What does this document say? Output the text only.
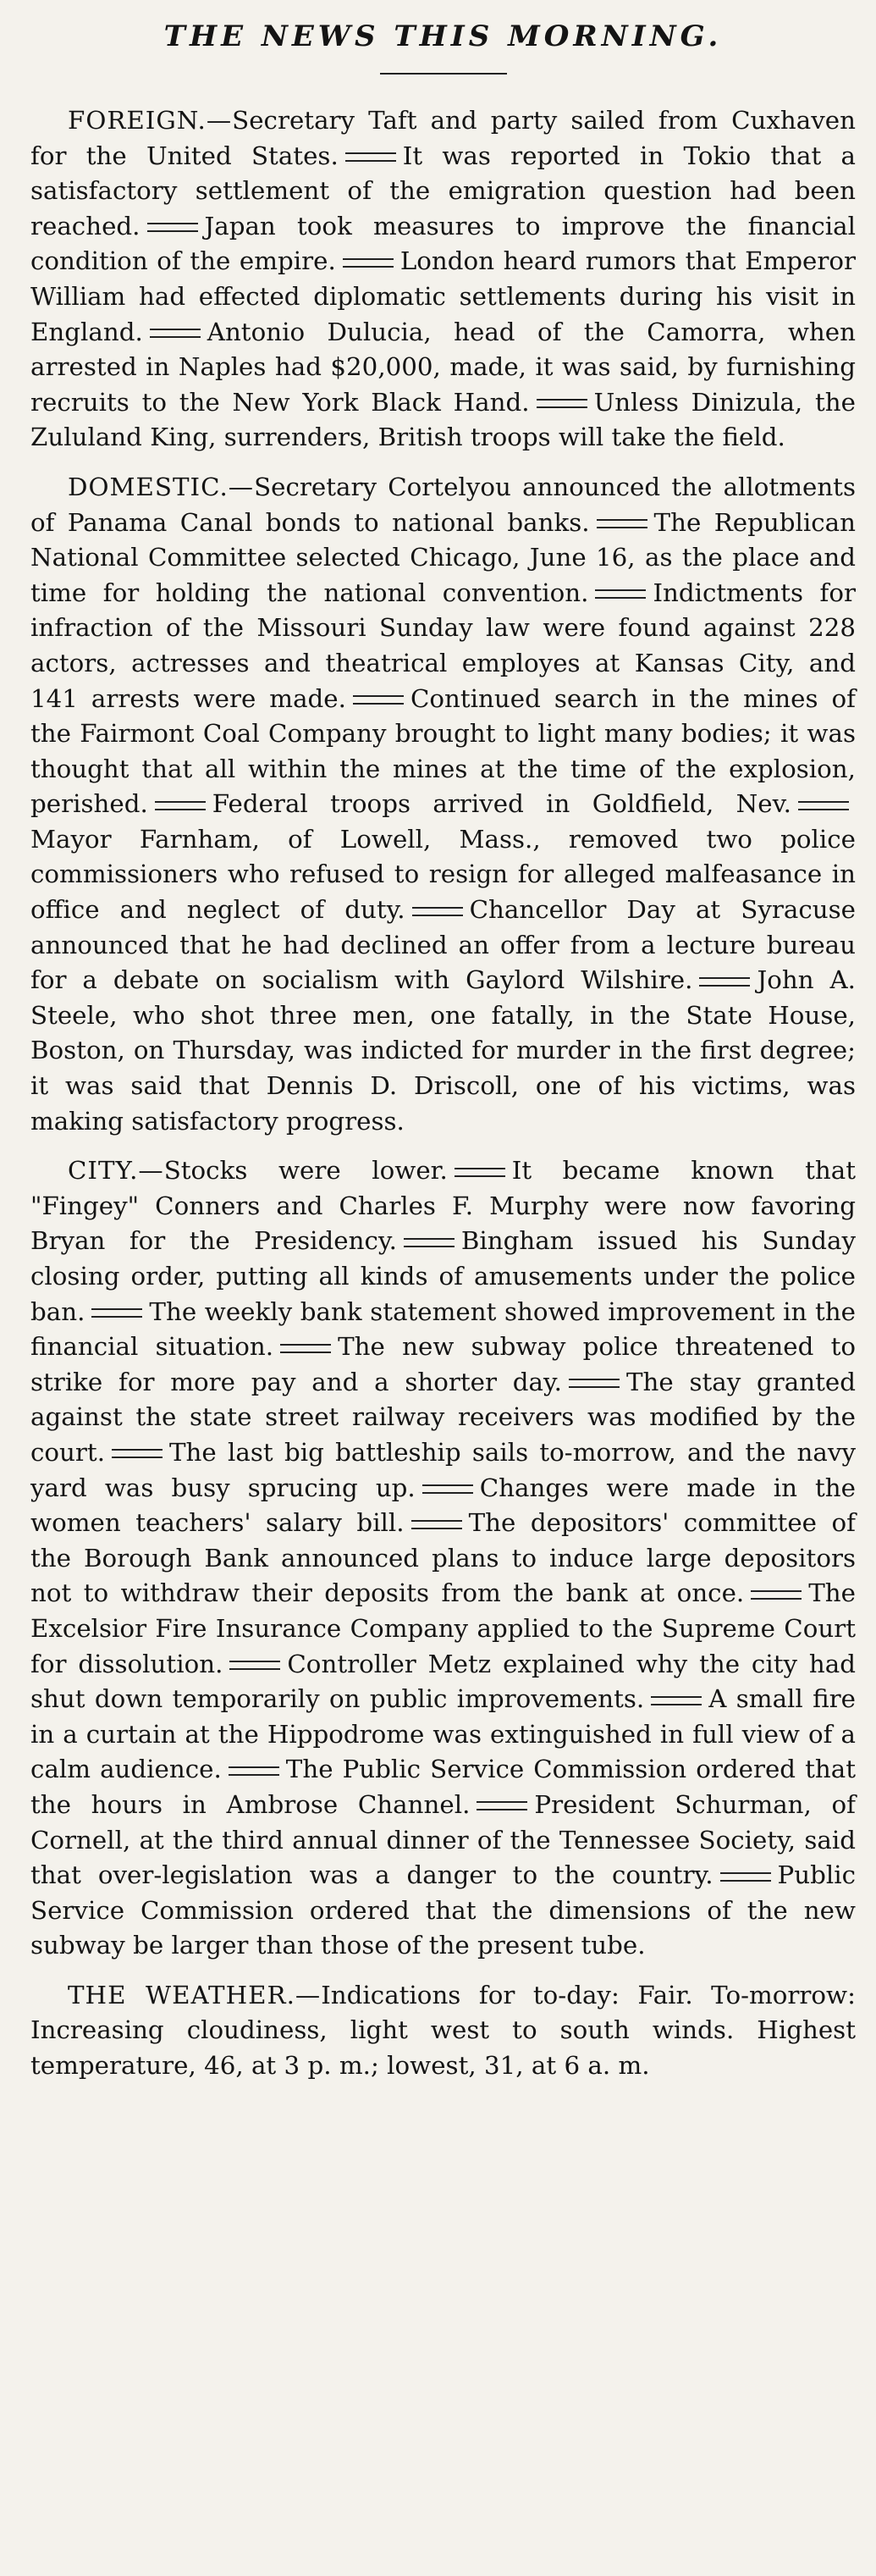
THE NEWS THIS MORNING.

FOREIGN.—Secretary Taft and party sailed from Cuxhaven for the United States.	It was reported in Tokio that a satisfactory settlement of the emigration question had been reached.	Japan took measures to improve the financial condition of the empire.	London heard rumors that Emperor William had effected diplomatic settlements during his visit in England.	Antonio Dulucia, head of the Camorra, when arrested in Naples had $20,000, made, it was said, by furnishing recruits to the New York Black Hand.	Unless Dinizula, the Zululand King, surrenders, British troops will take the field.

DOMESTIC.—Secretary Cortelyou announced the allotments of Panama Canal bonds to national banks.	The Republican National Committee selected Chicago, June 16, as the place and time for holding the national convention.	Indictments for infraction of the Missouri Sunday law were found against 228 actors, actresses and theatrical employes at Kansas City, and 141 arrests were made.	Continued search in the mines of the Fairmont Coal Company brought to light many bodies; it was thought that all within the mines at the time of the explosion, perished.	Federal troops arrived in Goldfield, Nev.Mayor Farnham, of Lowell, Mass., removed two police commissioners who refused to resign for alleged malfeasance in office and neglect of duty.	Chancellor Day at Syracuse announced that he had declined an offer from a lecture bureau for a debate on socialism with Gaylord Wilshire.	John A. Steele, who shot three men, one fatally, in the State House, Boston, on Thursday, was indicted for murder in the first degree; it was said that Dennis D. Driscoll, one of his victims, was making satisfactory progress.

CITY.—Stocks were lower.	It became known that "Fingey" Conners and Charles F. Murphy were now favoring Bryan for the Presidency.	Bingham issued his Sunday closing order, putting all kinds of amusements under the police ban.	The weekly bank statement showed improvement in the financial situation.	The new subway police threatened to strike for more pay and a shorter day.	The stay granted against the state street railway receivers was modified by the court.	The last big battleship sails to-morrow, and the navy yard was busy sprucing up.	Changes were made in the women teachers' salary bill.	The depositors' committee of the Borough Bank announced plans to induce large depositors not to withdraw their deposits from the bank at once.	The Excelsior Fire Insurance Company applied to the Supreme Court for dissolution.	Controller Metz explained why the city had shut down temporarily on public improvements.	A small fire in a curtain at the Hippodrome was extinguished in full view of a calm audience.	The Public Service Commission ordered that the hours in Ambrose Channel.	President Schurman, of Cornell, at the third annual dinner of the Tennessee Society, said that over-legislation was a danger to the country.	Public Service Commission ordered that the dimensions of the new subway be larger than those of the present tube.

THE WEATHER.—Indications for to-day: Fair. To-morrow: Increasing cloudiness, light west to south winds. Highest temperature, 46, at 3 p. m.; lowest, 31, at 6 a. m.
